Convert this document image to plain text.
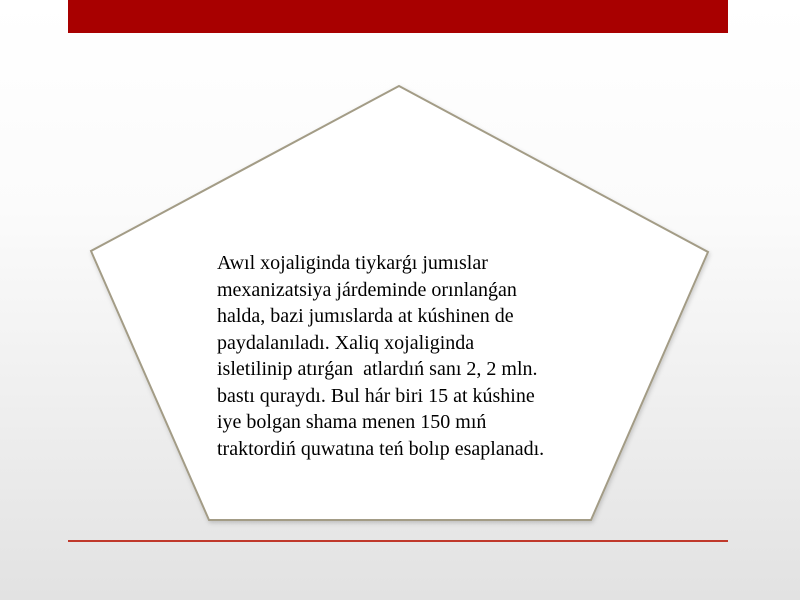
Awıl xojaliginda tiykarǵı jumıslar
mexanizatsiya járdeminde orınlanǵan
halda, bazi jumıslarda at kúshinen de
paydalanıladı. Xaliq xojaliginda
isletilinip atırǵan  atlardıń sanı 2, 2 mln.
bastı quraydı. Bul hár biri 15 at kúshine
iye bolgan shama menen 150 mıń
traktordiń quwatına teń bolıp esaplanadı.
